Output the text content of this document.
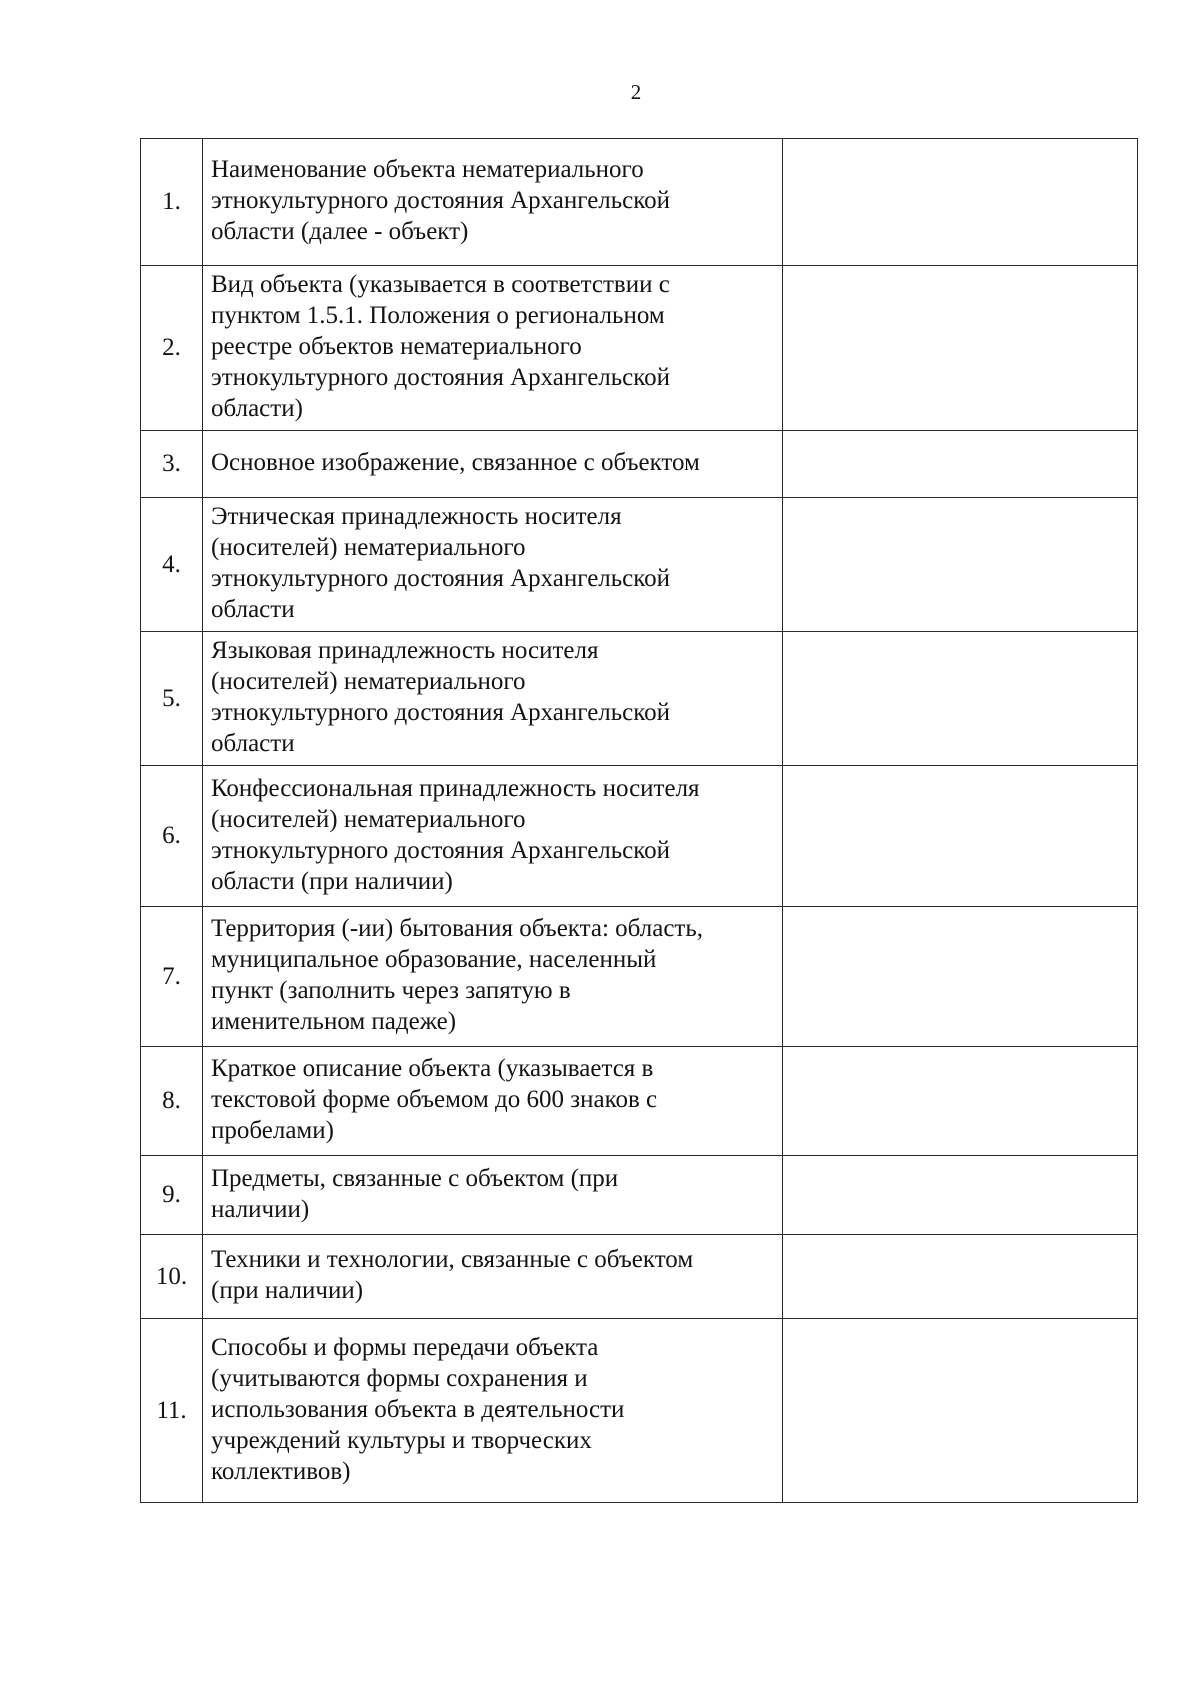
2
1.	Наименование объекта нематериального
этнокультурного достояния Архангельской
области (далее - объект)	

2.	Вид объекта (указывается в соответствии с
пунктом 1.5.1. Положения о региональном
реестре объектов нематериального
этнокультурного достояния Архангельской
области)	

3.	Основное изображение, связанное с объектом	

4.	Этническая принадлежность носителя
(носителей) нематериального
этнокультурного достояния Архангельской
области	

5.	Языковая принадлежность носителя
(носителей) нематериального
этнокультурного достояния Архангельской
области	

6.	Конфессиональная принадлежность носителя
(носителей) нематериального
этнокультурного достояния Архангельской
области (при наличии)	

7.	Территория (-ии) бытования объекта: область,
муниципальное образование, населенный
пункт (заполнить через запятую в
именительном падеже)	

8.	Краткое описание объекта (указывается в
текстовой форме объемом до 600 знаков с
пробелами)	

9.	Предметы, связанные с объектом (при
наличии)	

10.	Техники и технологии, связанные с объектом
(при наличии)	

11.	Способы и формы передачи объекта
(учитываются формы сохранения и
использования объекта в деятельности
учреждений культуры и творческих
коллективов)	
